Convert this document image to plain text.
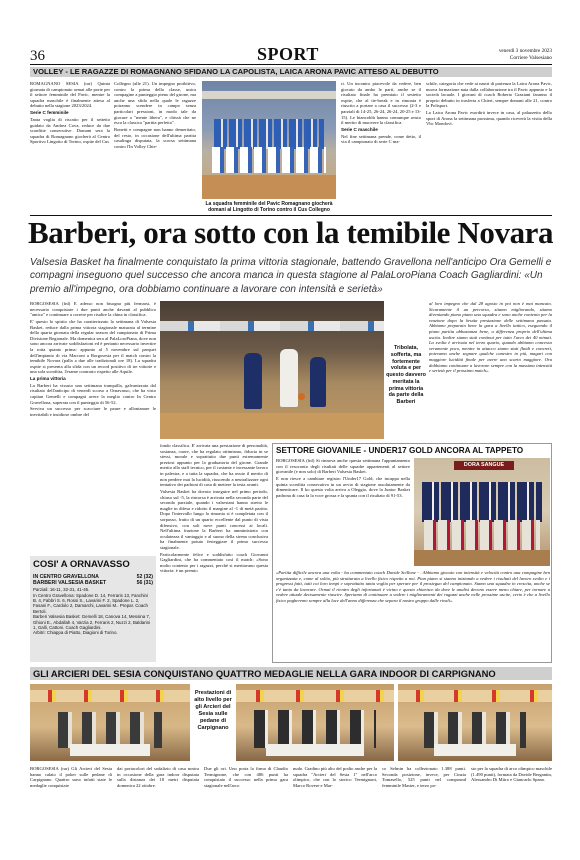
36	SPORT	venerdì 3 novembre 2023
Corriere Valsesiano
VOLLEY - LE RAGAZZE DI ROMAGNANO SFIDANO LA CAPOLISTA, LAICA ARONA PAVIC ATTESO AL DEBUTTO

ROMAGNANO SESIA (rar) Quinta giornata di campionato ormai alle porte per il settore femminile del Pavic, mentre la squadra maschile è finalmente attesa al debutto nella stagione 2023/2024.

Serie C femminile

Tanta voglia di riscatto per il settetto guidato da Andrea Cova, reduce da due sconfitte consecutive. Domani sera la squadra di Romagnano giocherà al Centro Sportivo Lingotto di Torino, ospite del Cus

Collegno (alle 21). Un impegno proibitivo, contro la prima della classe, unica compagine a punteggio pieno del girone, ma anche una sfida nella quale le ragazze potranno scendere in campo senza particolari pressioni, in modo tale da giocare a "mente libera", e chissà che ne esca la classica "partita perfetta".

Bonetti e compagne non hanno demeritato, del resto, in occasione dell'ultima partita casalinga disputata, la scorsa settimana contro l'In Volley Chie-

La squadra femminile del Pavic Romagnano giocherà domani al Lingotto di Torino contro il Cus Collegno

ri. Un incontro piacevole da vedere, ben giocato da ambo le parti, anche se il risultato finale ha premiato il sestetto ospite, che al tie-break e in rimonta è riuscito a portare a casa il successo (2-3 e parziali di 14-25, 26-24, 26-24, 20-25 e 13-15). Le biancoblù hanno comunque avuto il merito di muovere la classifica.

Serie C maschile

Nel fine settimana prende, come detto, il via il campionato di serie C ma-

schile, categoria che vede ai nastri di partenza la Laica Arona Pavic, nuova formazione nata dalla collaborazione tra il Pavic appunto e la società lacuale. I giovani di coach Roberto Graziani faranno il proprio debutto in trasferta a Chieri, sempre domani alle 21, contro la Polisport.

La Laica Arona Pavic esordirà invece in casa, al palazzetto dello sport di Arona la settimana prossima, quando riceverà la visita della Vbc Mondovì.

Barberi, ora sotto con la temibile Novara
Valsesia Basket ha finalmente conquistato la prima vittoria stagionale, battendo Gravellona nell'anticipo Ora Gemelli e compagni inseguono quel successo che ancora manca in questa stagione al PalaLoroPiana Coach Gagliardini: «Un premio all'impegno, ora dobbiamo continuare a lavorare con intensità e serietà»

BORGOSESIA (fnl) E adesso non bisogna più fermarsi, è necessario conquistare i due punti anche davanti al pubblico "amico" e continuare a correre per risalire la china in classifica.

E' questo lo spirito che ha caratterizzato la settimana di Valsesia Basket, reduce dalla prima vittoria stagionale maturata al termine della quarta giornata della regular season del campionato di Prima Divisione Regionale. Ma domenica sera al PalaLoroPiana, dove non sono ancora arrivate soddisfazioni ed è pertanto necessario invertire la rotta quanto prima: appunto al 5 novembre sul parquet dell'impianto di via Marconi a Borgosesia per il match contro la temibile Novara (palla a due alle tradizionali ore 18). La squadra ospite si presenta alla sfida con un record positivo di tre vittorie e una sola sconfitta, l'esame contrario rispetto alle Aquile.

La prima vittoria

La Barberi ha vissuto una settimana tranquilla, galvanizzata dal risultato dell'anticipo di venerdì scorso a Ornavasso, che ha visto capitan Gemelli e compagni avere la meglio contro In Centro Gravellona, superata con il punteggio di 56-52.

Servivа un successo per scacciare le paure e allontanare le inevitabili e insidiose ombre del

COSI' A ORNAVASSO
IN CENTRO GRAVELLONA	52 (32)
BARBERI VALSESIA BASKET	56 (31)
Parziali: 16-11, 32-31, 41-45.
In Centro Gravellona: Spadone D. 14, Ferraris 13, Fanchini B. 4, Fabbri S. 6, Rossi S., Lavarini F. 2, Spadone L. 2, Fasani F., Cardolo 2, Damarchi, Lavarini M.. Prepar. Coach Bertoli.
Barberi Valsesia Basket: Gemelli 18, Canova 14, Messina 7, Ghioni E., Abdallah 4, Varzia 2, Ferraris 2, Nuzzi 2, Baldarini 1, Galli, Cattoni. Coach Gagliardini.
Arbitri: Chiappa di Piatto, Diagioni di Torino.
Tribolata, sofferta, ma fortemente voluta e per questo davvero meritata la prima vittoria da parte della Barberi

al loro impegno che dal 28 agosto in poi non è mai mancato. Sicuramente il un percorso, stiamo migliorando, stiamo diventando piano piano una squadra e sono anche contento per la reazione dopo la brutta prestazione delle settimana passata. Abbiamo preparato bene la gara a livello tattico, eseguendo il piano partita abbastanza bene, a differenza proprio dell'ultima uscita. Inoltre siamo stati continui per tutto l'arco dei 40 minuti. La svolta è arrivata nel terzo quarto, quando abbiamo concesso veramente poco, mentre in attacco siamo stati fluidi e concreti, potevamo anche segnare qualche canestro in più, magari con maggiore lucidità finale per avere uno scarto maggiore. Ora dobbiamo continuare a lavorare sempre con la massima intensità e serietà per il prossimo match».

fondo classifica. E' arrivata una prestazione di personalità, sostanza, cuore, che ha regalato ottimismo, fiducia in se stessi, morale e soprattutto due punti estremamente preziosi appunto per la graduatoria del girone. Grande merito allo staff tecnico, per il costante e incessante lavoro in palestra, e a tutta la squadra, che ha avuto il merito di non perdere mai la lucidità, riuscendo a neutralizzare ogni tentativo dei padroni di casa di mettere la testa avanti.

Valsesia Basket ha dovuto inseguire nel primo periodo, chiuso sul -5, la rincorsa è arrivata nella seconda parte del secondo parziale, quando i valsesiani hanno stretto le maglie in difesa e ridotto il margine al -1 di metà partita. Dopo l'intervallo lungo la rimonta si è completata con il sorpasso, frutto di un quarto eccellente dal punto di vista difensivo, con soli nove punti concessi ai locali. Nell'ultima frazione la Barberi ha amministrato con oculatezza il vantaggio e al suono della sirena conclusiva ha finalmente potuto festeggiare il primo successo stagionale.

Particolarmente felice e soddisfatto coach Giovanni Gagliardini, che ha commentato così il match: «Sono molto contento per i ragazzi, perché si meritavano questa vittoria: è un premio

SETTORE GIOVANILE - UNDER17 GOLD ANCORA AL TAPPETO

BORGOSESIA (fnl) Si rinnova anche questa settimana l'appuntamento con il resoconto degli risultati delle squadre appartenenti al settore giovanile (e non solo) di Barberi Valsesia Basket.

E non riesce a cambiare registro l'Under17 Gold, che incappa nella quinta sconfitta consecutiva in un avvio di stagione assolutamente da dimenticare. Il ko questa volta arriva a Oleggio, dove la Junior Basket padrona di casa fa la voce grossa e la spunta con il risultato di 91-53.

DORA SANGUE
«Partita difficile ancora una volta - ha commentato coach Davide Scillone - . Abbiamo giocato con intensità e velocità contro una compagine ben organizzata e, come al solito, più strutturata a livello fisico rispetto a noi. Pian piano si stanno iniziando a vedere i risultati del lavoro svolto e i progressi fatti, tutti coi loro tempi e soprattutto tanta voglia per sperare per il prosieguo del campionato. Siamo una squadra in crescita, anche se c'è tanto da lavorare. Ormai il rientro degli infortunati è vicino e questo chiarisce da dove le analisi devono essere meno chiare, per tornare a vedere attuale decisamente riuscire. Speriamo di continuare a vedere i miglioramenti dei ragazzi anche nelle prossime uscite, certo è che a livello fisico pagheremo sempre alla luce dell'anno differenza che separa il nostro gruppo dalle rivali».
GLI ARCIERI DEL SESIA CONQUISTANO QUATTRO MEDAGLIE NELLA GARA INDOOR DI CARPIGNANO
Prestazioni di alto livello per gli Arcieri del Sesia sulle pedane di Carpignano
BORGOSESIA (rar) Gli Arcieri del Sesia hanno calato il poker sulle pedane di Carpignano. Quattro sono infatti state le medaglie conquistate
dai portacolori del sodalizio di casa nostra in occasione della gara indoor disputata sulla distanza dei 18 metri disputata domenica 22 ottobre.
Due gli ori. Uno porta la firma di Claudio Termignone, che con 486 punti ha conquistato il successo nella prima gara stagionale nell'arco
nudo. Gradino più alto del podio anche per la squadra "Arcieri del Sesia 1" nell'arco olimpico, che con lo storico Termignoni, Marco Rovere e Mar-
co Selmin ha collezionato 1.388 punti. Seconda posizione, invece, per Cinzia Tomasello, 525 punti nel compound femminile Master, e terzo po-
sto per la squadra di arco olimpico maschile (1.490 punti), formata da Davide Bergantin, Alessandro Di Mitro e Giancarlo Spano.
